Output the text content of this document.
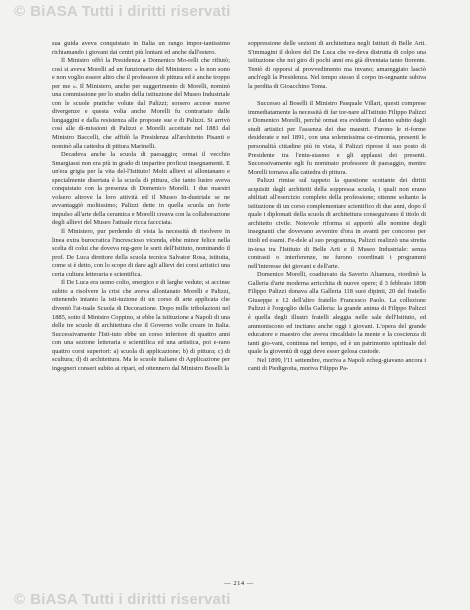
© BiASA Tutti i diritti riservati

sua guida aveva conquistato in Italia un rango impor-tantissimo richiamando i giovani dai centri più lontani ed anche dall'estero.

Il Ministro offrì la Presidenza a Domenico Mo-relli che rifiutò; così si aveva Morelli ad un funzionario del Ministero: « lo non sono e non voglio essere altro che il professore di pittura ed è anche troppo per me ». Il Ministero, anche per suggerimento di Morelli, nominò una commissione per lo studio della istituzione del Museo Industriale con le scuole pratiche volute dal Palizzi; sorsero accese nuove divergenze e questa volta anche Morelli fu contrariato dalle lungaggini e dalla resistenza alle proposte sue e di Palizzi. Si arrivò così alle di-missioni di Palizzi e Morelli accettate nel 1881 dal Ministro Baccelli, che affidò la Presidenza all'architetto Pisanti e nominò alla cattedra di pittura Marinelli.

Decadeva anche la scuola di paesaggio; ormai il vecchio Smargiassi non era più in grado di impartire proficui insegnamenti. E un'era grigia per la vita del-l'Istituto! Molti allievi si allontanano e specialmente disertata è la scuola di pittura, che tanto lustro aveva conquistato con la presenza di Domenico Morelli. I due maestri volsero altrove la loro attività ed il Museo In-dustriale se ne avvantaggiò moltissimo; Palizzi dette in quella scuola un forte impulso all'arte della ceramica e Morelli creava con la collaborazione degli allievi del Museo l'attuale ricca faccciata.

Il Ministero, pur perdendo di vista la necessità di risolvere in linea extra burocratica l'increscioso vicenda, ebbe minor felice nella scelta di colui che doveva reg-gere le sorti dell'Istituto, nominando il prof. De Luca direttore della scuola tecnica Salvator Rosa, istituita, come si è detto, con lo scopo di dare agli allievi dei corsi artistici una certa cultura letteraria e scientifica.

Il De Luca era uomo colto, energico e di larghe vedute; si accinse subito a risolvere la crisi che aveva allontanato Morelli e Palizzi, ottenendo intanto la isti-tuzione di un corso di arte applicata che diventò l'at-tuale Scuola di Decorazione. Dopo mille tribolazioni nel 1885, sotto il Ministro Coppino, si ebbe la istituzione a Napoli di una delle tre scuole di architettura che il Governo volle creare in Italia. Successivamente l'Isti-tuto ebbe un corso inferiore di quattro anni con una sezione letteraria e scientifica ed una artistica, poi e-rano quattro corsi superiori: a) scuola di applicazione; b) di pittura; c) di scultura; d) di architettura. Ma le scuole italiane di Applicazione per ingegneri conseri subito ai ripari, ed ottennero dal Ministro Boselli la

soppressione delle sezioni di architettura negli Istituti di Belle Arti. S'immagini il dolore del De Luca che ve-deva distrutta di colpo una istituzione che nei giro di pochi anni era già diventata tanto fiorente. Tentò di opporsi al provvedimento ma invano; amareggiato lasciò anch'egli la Presidenza. Nel tempo stesso il corpo in-segnante subiva la perdita di Gioacchino Toma.

Successo al Boselli il Ministro Pasquale Villari, questi comprese immediatamente la necessità di far tor-nare all'Istituto Filippo Palizzi e Domenico Morelli, perchè ormai era evidente il danno subito dagli studi artistici per l'assenza dei due maestri. Furono le ri-forme desiderate e nel 1891, con una solennissima ce-rimonia, presenti le personalità cittadine più in vista, il Palizzi riprese il suo posto di Presidente tra l'entu-siasmo e gli applausi dei presenti. Successivamente egli fu nominato professore di paesaggio, mentre Morelli tornava alla cattedra di pittura.

Palizzi rimise sul tappeto la questione scottante dei diritti acquisiti dagli architetti della soppressa scuola, i quali non erano abilitati all'esercizio completo della professione; ottenne soltanto la istituzione di un corso complementare scientifico di due anni, dopo il quale i diplomati della scuola di architettura conseguivano il titolo di architetto civile. Notevole riforma si apportò alle nomine degli insegnanti che dovevano avvenire d'ora in avanti per concorso per titoli ed esami. Fe-dele al suo programma, Palizzi realizzò una stretta in-tesa tra l'Istituto di Belle Arti e il Museo Industriale: senza contrasti o interferenze, ne furono coordinati i programmi nell'interesse dei giovani e dell'arte.

Domenico Morelli, coadiuvato da Saverio Altamura, riordinò la Galleria d'arte moderna arricchita di nuove opere; il 3 febbraio 1898 Filippo Palizzi donava alla Galleria 118 suoi dipinti, 20 del fratello Giuseppe e 12 dell'altro fratello Francesco Paolo. La collezione Palizzi è l'orgoglio della Galleria: la grande anima di Filippo Palizzi è quella degli illustri fratelli aleggia nelle sale dell'Istituto, ed ammoniscono ed incitano anche oggi i giovani. L'opera del grande educatore e maestro che aveva rincaldato la mente e la coscienza di tanti gio-vani, continua nel tempo, ed è un patrimonio spirituale del quale la gioventù di oggi deve esser gelosa custode.

Nel 1899, l'11 settembre, moriva a Napoli echeg-giavano ancora i canti di Piedigrotta, moriva Filippo Pa-

— 214 —
© BiASA Tutti i diritti riservati
